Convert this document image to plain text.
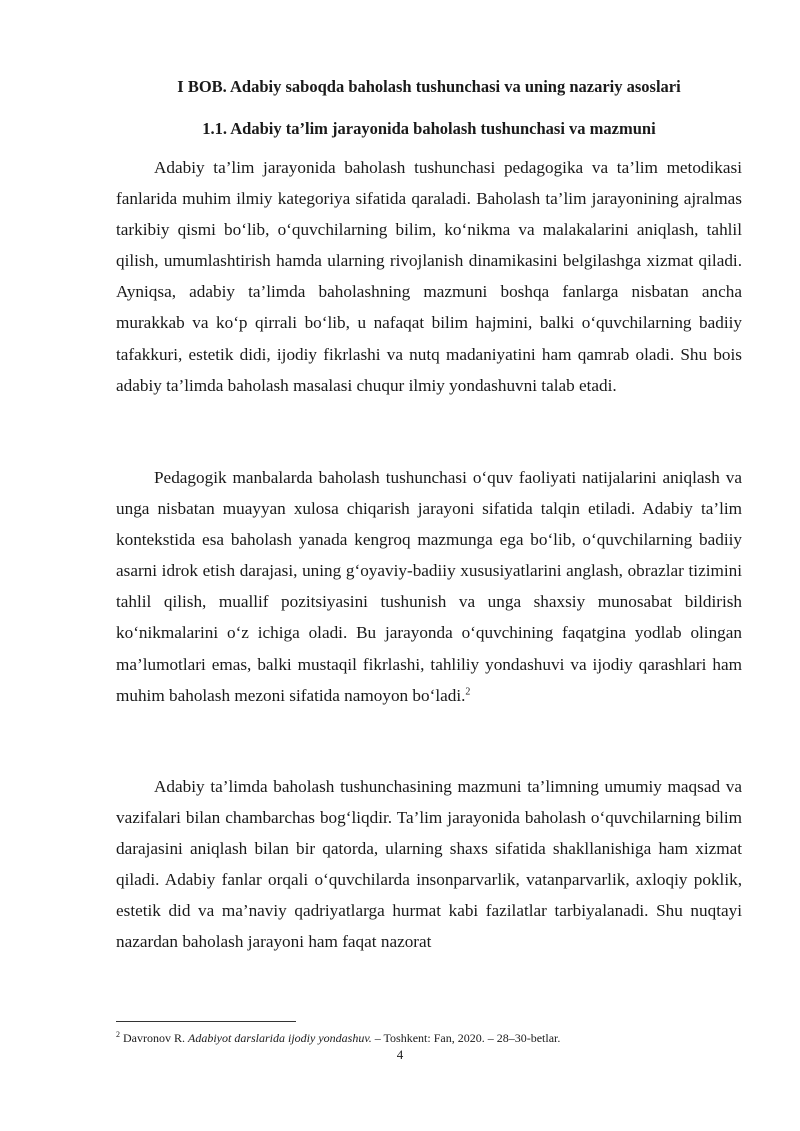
I BOB. Adabiy saboqda baholash tushunchasi va uning nazariy asoslari
1.1. Adabiy ta’lim jarayonida baholash tushunchasi va mazmuni

Adabiy ta’lim jarayonida baholash tushunchasi pedagogika va ta’lim metodikasi fanlarida muhim ilmiy kategoriya sifatida qaraladi. Baholash ta’lim jarayonining ajralmas tarkibiy qismi bo‘lib, o‘quvchilarning bilim, ko‘nikma va malakalarini aniqlash, tahlil qilish, umumlashtirish hamda ularning rivojlanish dinamikasini belgilashga xizmat qiladi. Ayniqsa, adabiy ta’limda baholashning mazmuni boshqa fanlarga nisbatan ancha murakkab va ko‘p qirrali bo‘lib, u nafaqat bilim hajmini, balki o‘quvchilarning badiiy tafakkuri, estetik didi, ijodiy fikrlashi va nutq madaniyatini ham qamrab oladi. Shu bois adabiy ta’limda baholash masalasi chuqur ilmiy yondashuvni talab etadi.

Pedagogik manbalarda baholash tushunchasi o‘quv faoliyati natijalarini aniqlash va unga nisbatan muayyan xulosa chiqarish jarayoni sifatida talqin etiladi. Adabiy ta’lim kontekstida esa baholash yanada kengroq mazmunga ega bo‘lib, o‘quvchilarning badiiy asarni idrok etish darajasi, uning g‘oyaviy-badiiy xususiyatlarini anglash, obrazlar tizimini tahlil qilish, muallif pozitsiyasini tushunish va unga shaxsiy munosabat bildirish ko‘nikmalarini o‘z ichiga oladi. Bu jarayonda o‘quvchining faqatgina yodlab olingan ma’lumotlari emas, balki mustaqil fikrlashi, tahliliy yondashuvi va ijodiy qarashlari ham muhim baholash mezoni sifatida namoyon bo‘ladi.$^2$

Adabiy ta’limda baholash tushunchasining mazmuni ta’limning umumiy maqsad va vazifalari bilan chambarchas bog‘liqdir. Ta’lim jarayonida baholash o‘quvchilarning bilim darajasini aniqlash bilan bir qatorda, ularning shaxs sifatida shakllanishiga ham xizmat qiladi. Adabiy fanlar orqali o‘quvchilarda insonparvarlik, vatanparvarlik, axloqiy poklik, estetik did va ma’naviy qadriyatlarga hurmat kabi fazilatlar tarbiyalanadi. Shu nuqtayi nazardan baholash jarayoni ham faqat nazorat

$^2$ Davronov R. Adabiyot darslarida ijodiy yondashuv. – Toshkent: Fan, 2020. – 28–30-betlar.

4
